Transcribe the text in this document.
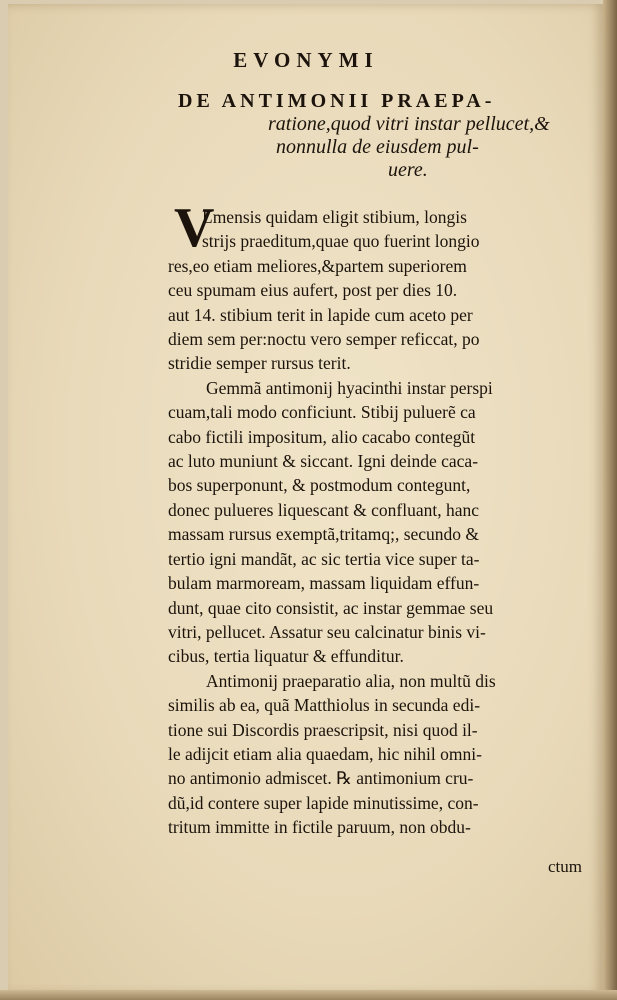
EVONYMI
DE ANTIMONII PRAEPA-
ratione,quod vitri instar pellucet,&
nonnulla de eiusdem pul-
uere.
V
Lmensis quidam eligit stibium, longis
strijs praeditum,quae quo fuerint longio
res,eo etiam meliores,&partem superiorem
ceu spumam eius aufert, post per dies 10.
aut 14. stibium terit in lapide cum aceto per
diem sem per:noctu vero semper reficcat, po
stridie semper rursus terit.
Gemmã antimonij hyacinthi instar perspi
cuam,tali modo conficiunt. Stibij puluerẽ ca
cabo fictili impositum, alio cacabo contegũt
ac luto muniunt & siccant. Igni deinde caca-
bos superponunt, & postmodum contegunt,
donec pulueres liquescant & confluant, hanc
massam rursus exemptã,tritamq;, secundo &
tertio igni mandãt, ac sic tertia vice super ta-
bulam marmoream, massam liquidam effun-
dunt, quae cito consistit, ac instar gemmae seu
vitri, pellucet. Assatur seu calcinatur binis vi-
cibus, tertia liquatur & effunditur.
Antimonij praeparatio alia, non multũ dis
similis ab ea, quã Matthiolus in secunda edi-
tione sui Discordis praescripsit, nisi quod il-
le adijcit etiam alia quaedam, hic nihil omni-
no antimonio admiscet. ℞ antimonium cru-
dũ,id contere super lapide minutissime, con-
tritum immitte in fictile paruum, non obdu-
ctum
